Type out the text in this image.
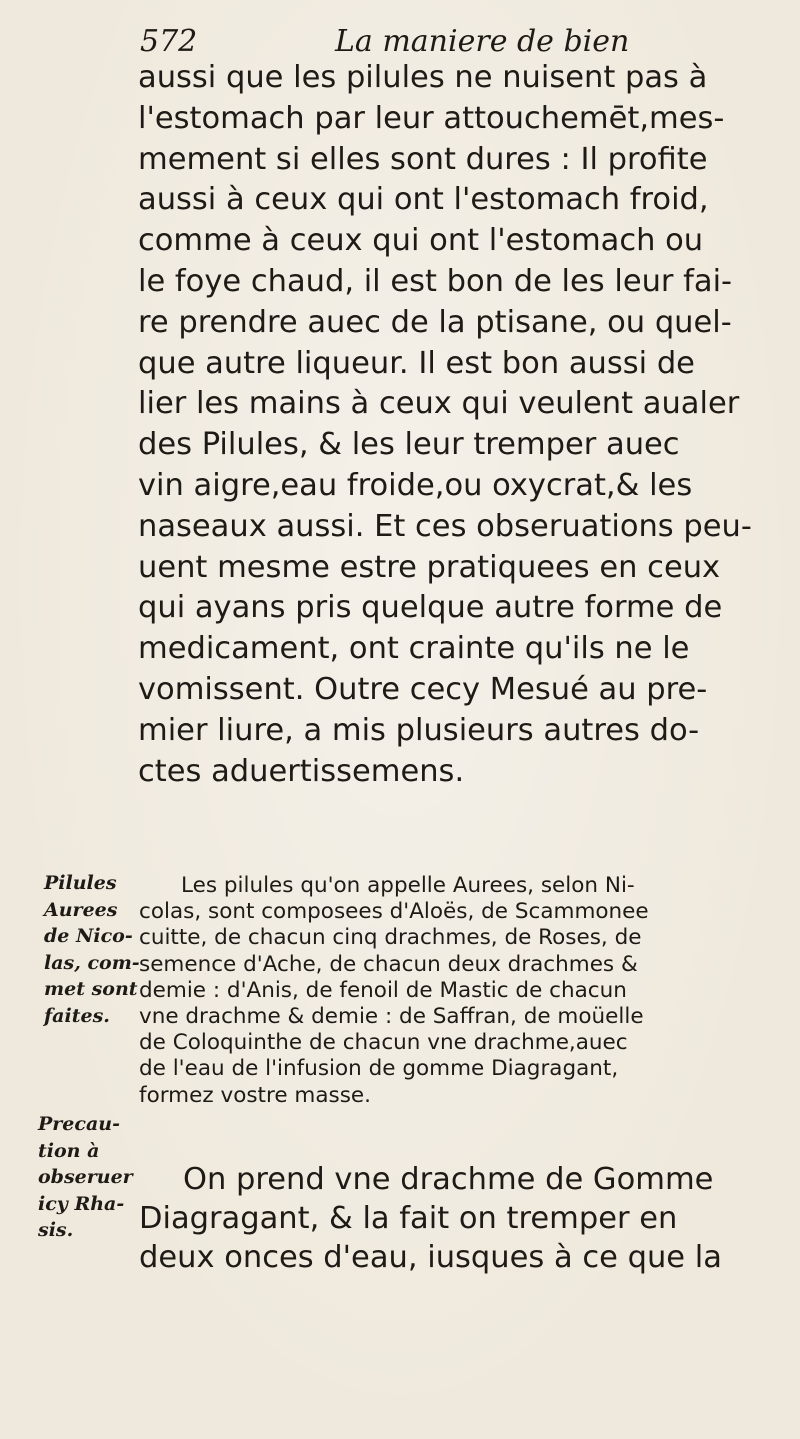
572	La maniere de bien
aussi que les pilules ne nuisent pas à
l'estomach par leur attouchemēt,mes-
mement si elles sont dures : Il profite
aussi à ceux qui ont l'estomach froid,
comme à ceux qui ont l'estomach ou
le foye chaud, il est bon de les leur fai-
re prendre auec de la ptisane, ou quel-
que autre liqueur. Il est bon aussi de
lier les mains à ceux qui veulent aualer
des Pilules, & les leur tremper auec
vin aigre,eau froide,ou oxycrat,& les
naseaux aussi. Et ces obseruations peu-
uent mesme estre pratiquees en ceux
qui ayans pris quelque autre forme de
medicament, ont crainte qu'ils ne le
vomissent. Outre cecy Mesué au pre-
mier liure, a mis plusieurs autres do-
ctes aduertissemens.
Pilules
Aurees
de Nico-
las, com-
met sont
faites.
Les pilules qu'on appelle Aurees, selon Ni-
colas, sont composees d'Aloës, de Scammonee
cuitte, de chacun cinq drachmes, de Roses, de
semence d'Ache, de chacun deux drachmes &
demie : d'Anis, de fenoil de Mastic de chacun
vne drachme & demie : de Saffran, de moüelle
de Coloquinthe de chacun vne drachme,auec
de l'eau de l'infusion de gomme Diagragant,
formez vostre masse.
Precau-
tion à
obseruer
icy Rha-
sis.
On prend vne drachme de Gomme
Diagragant, & la fait on tremper en
deux onces d'eau, iusques à ce que la
